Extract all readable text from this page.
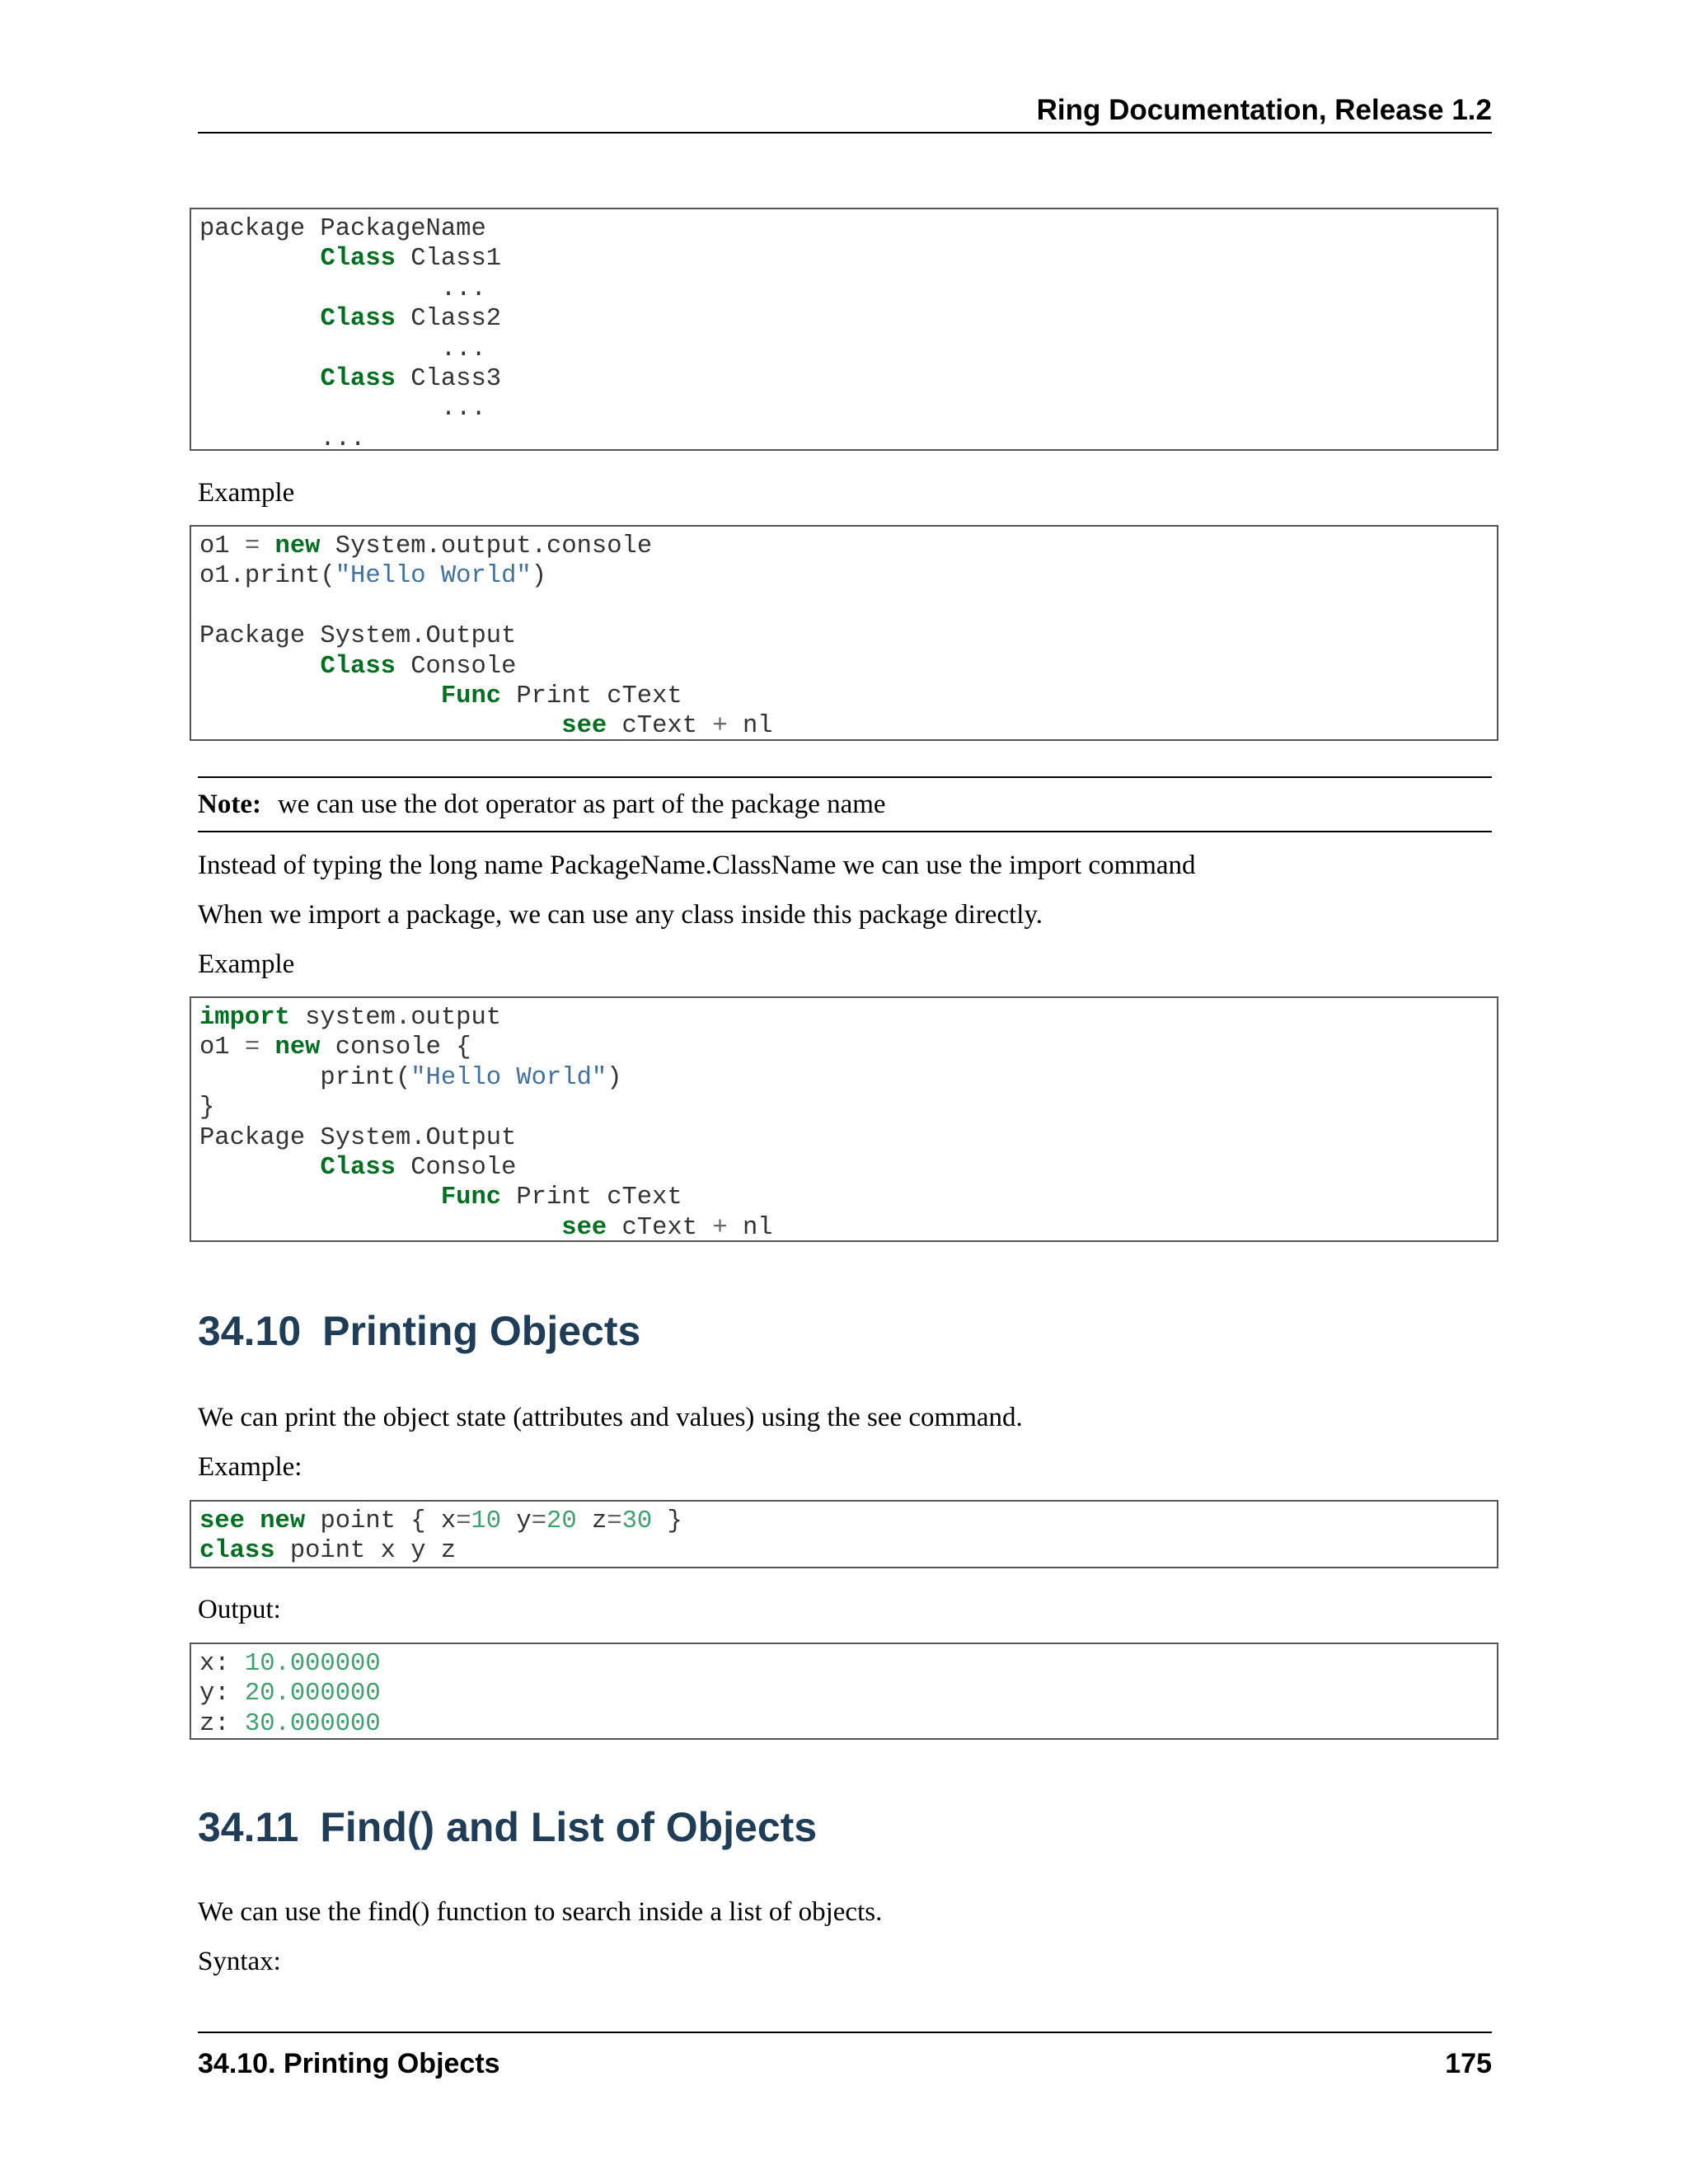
Ring Documentation, Release 1.2
package PackageName
Class Class1
...
Class Class2
...
Class Class3
...
...
Example
o1 = new System.output.console
o1.print("Hello World")

Package System.Output
Class Console
Func Print cText
see cText + nl
Note: we can use the dot operator as part of the package name
Instead of typing the long name PackageName.ClassName we can use the import command
When we import a package, we can use any class inside this package directly.
Example
import system.output
o1 = new console {
print("Hello World")
}
Package System.Output
Class Console
Func Print cText
see cText + nl
34.10 Printing Objects
We can print the object state (attributes and values) using the see command.
Example:
see new point { x=10 y=20 z=30 }
class point x y z
Output:
x: 10.000000
y: 20.000000
z: 30.000000
34.11 Find() and List of Objects
We can use the find() function to search inside a list of objects.
Syntax:
34.10. Printing Objects	175
